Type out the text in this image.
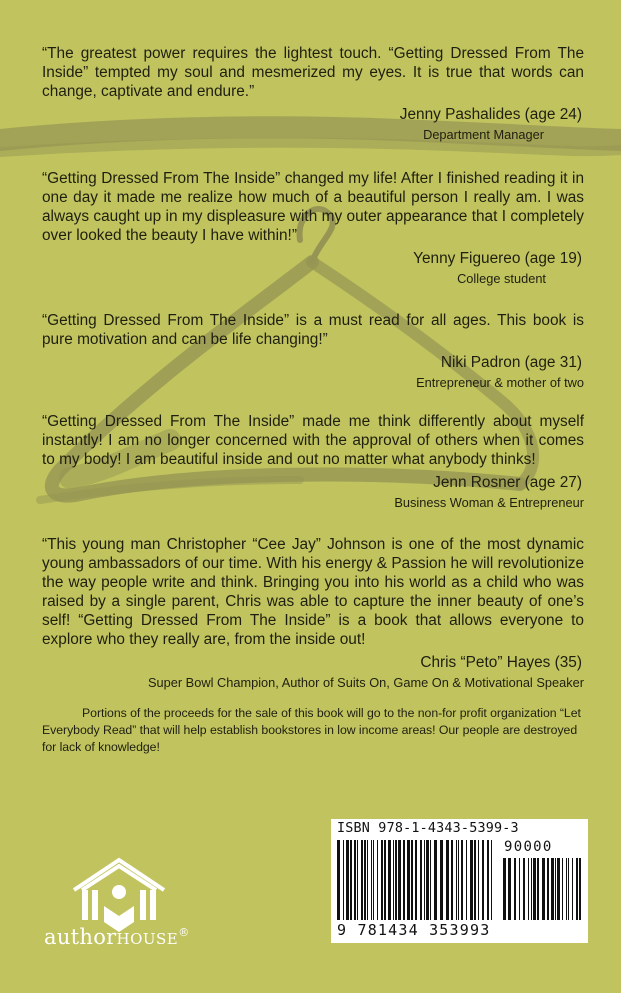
“The greatest power requires the lightest touch. “Getting Dressed From The Inside” tempted my soul and mesmerized my eyes. It is true that words can change, captivate and endure.”

Jenny Pashalides (age 24)
Department Manager

“Getting Dressed From The Inside” changed my life! After I finished reading it in one day it made me realize how much of a beautiful person I really am. I was always caught up in my displeasure with my outer appearance that I completely over looked the beauty I have within!”

Yenny Figuereo (age 19)
College student

“Getting Dressed From The Inside” is a must read for all ages. This book is pure motivation and can be life changing!”

Niki Padron (age 31)
Entrepreneur & mother of two

“Getting Dressed From The Inside” made me think differently about myself instantly! I am no longer concerned with the approval of others when it comes to my body! I am beautiful inside and out no matter what anybody thinks!

Jenn Rosner (age 27)
Business Woman & Entrepreneur

“This young man Christopher “Cee Jay” Johnson is one of the most dynamic young ambassadors of our time. With his energy & Passion he will revolutionize the way people write and think. Bringing you into his world as a child who was raised by a single parent, Chris was able to capture the inner beauty of one’s self! “Getting Dressed From The Inside” is a book that allows everyone to explore who they really are, from the inside out!

Chris “Peto” Hayes (35)
Super Bowl Champion, Author of Suits On, Game On & Motivational Speaker

Portions of the proceeds for the sale of this book will go to the non-for profit organization “Let Everybody Read” that will help establish bookstores in low income areas! Our people are destroyed for lack of knowledge!

authorHOUSE®
ISBN 978-1-4343-5399-3
90000
9 781434 353993
